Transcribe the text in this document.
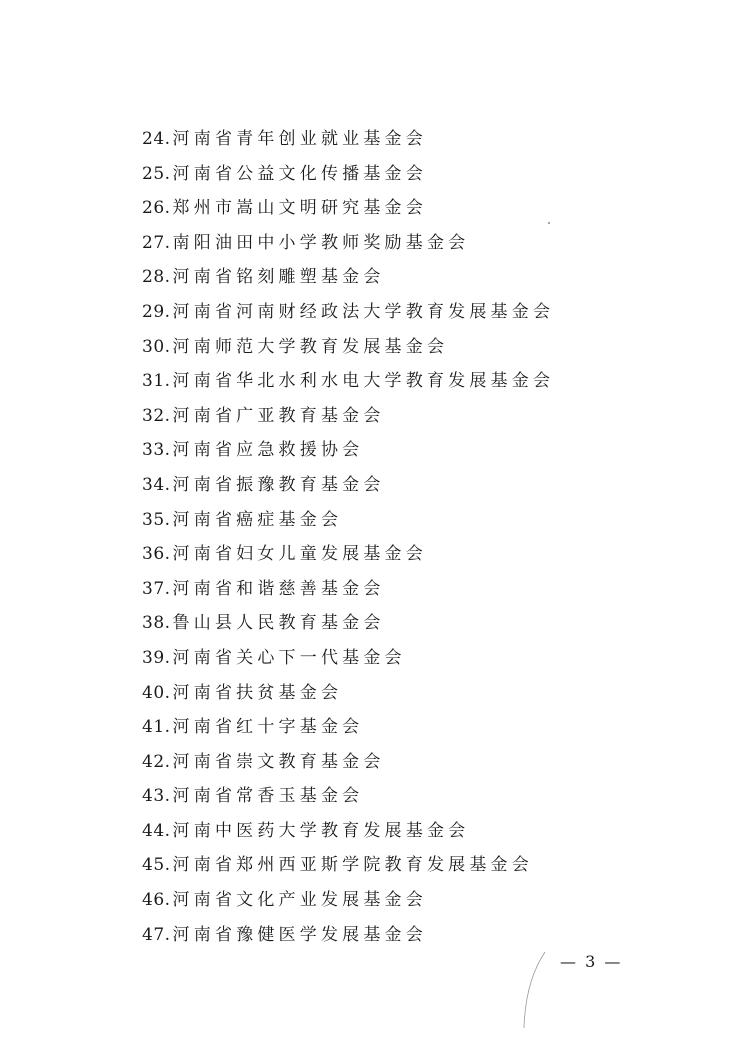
24. 河南省青年创业就业基金会
25. 河南省公益文化传播基金会
26. 郑州市嵩山文明研究基金会
27. 南阳油田中小学教师奖励基金会
28. 河南省铭刻雕塑基金会
29. 河南省河南财经政法大学教育发展基金会
30. 河南师范大学教育发展基金会
31. 河南省华北水利水电大学教育发展基金会
32. 河南省广亚教育基金会
33. 河南省应急救援协会
34. 河南省振豫教育基金会
35. 河南省癌症基金会
36. 河南省妇女儿童发展基金会
37. 河南省和谐慈善基金会
38. 鲁山县人民教育基金会
39. 河南省关心下一代基金会
40. 河南省扶贫基金会
41. 河南省红十字基金会
42. 河南省崇文教育基金会
43. 河南省常香玉基金会
44. 河南中医药大学教育发展基金会
45. 河南省郑州西亚斯学院教育发展基金会
46. 河南省文化产业发展基金会
47. 河南省豫健医学发展基金会
— 3 —
